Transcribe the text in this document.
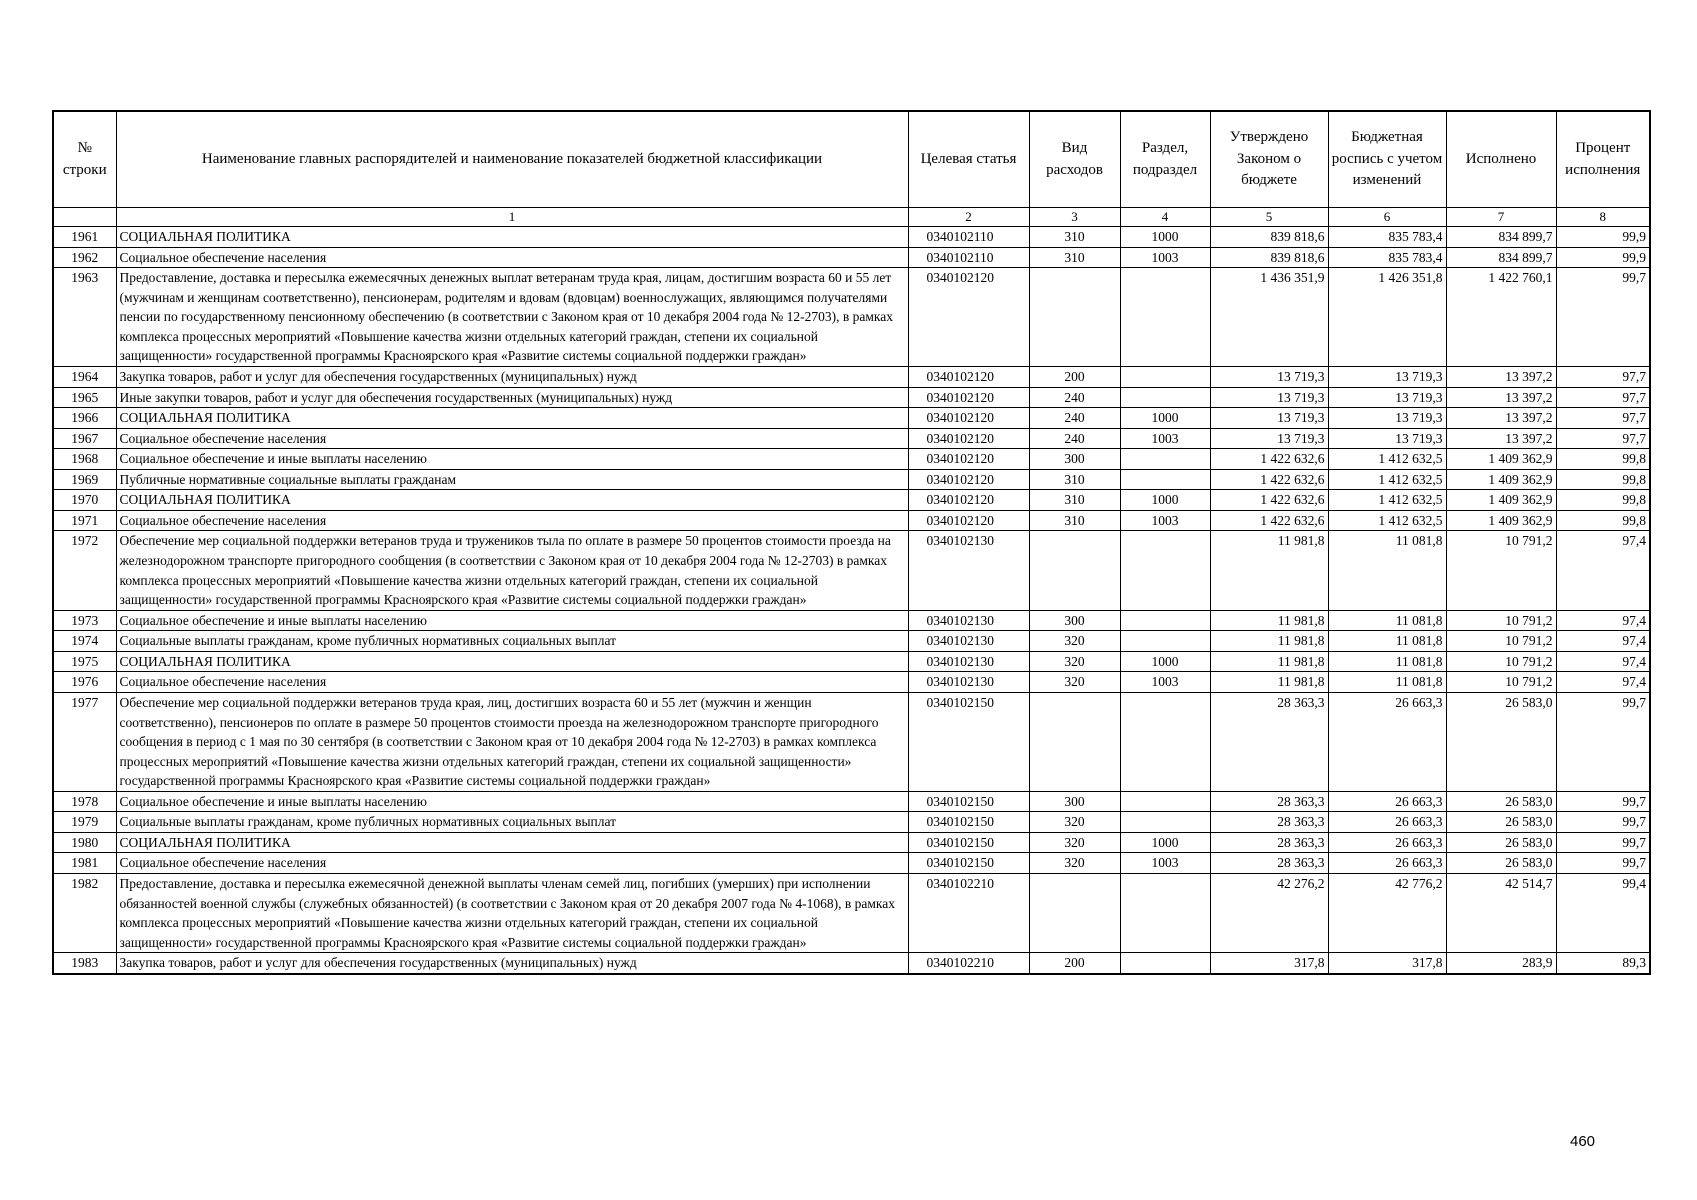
№ строки	Наименование главных распорядителей и наименование показателей бюджетной классификации	Целевая статья	Вид расходов	Раздел, подраздел	Утверждено Законом о бюджете	Бюджетная роспись с учетом изменений	Исполнено	Процент исполнения
	1	2	3	4	5	6	7	8
1961	СОЦИАЛЬНАЯ ПОЛИТИКА	0340102110	310	1000	839 818,6	835 783,4	834 899,7	99,9
1962	Социальное обеспечение населения	0340102110	310	1003	839 818,6	835 783,4	834 899,7	99,9
1963	Предоставление, доставка и пересылка ежемесячных денежных выплат ветеранам труда края, лицам, достигшим возраста 60 и 55 лет (мужчинам и женщинам соответственно), пенсионерам, родителям и вдовам (вдовцам) военнослужащих, являющимся получателями пенсии по государственному пенсионному обеспечению (в соответствии с Законом края от 10 декабря 2004 года № 12-2703), в рамках комплекса процессных мероприятий «Повышение качества жизни отдельных категорий граждан, степени их социальной защищенности» государственной программы Красноярского края «Развитие системы социальной поддержки граждан»	0340102120			1 436 351,9	1 426 351,8	1 422 760,1	99,7
1964	Закупка товаров, работ и услуг для обеспечения государственных (муниципальных) нужд	0340102120	200		13 719,3	13 719,3	13 397,2	97,7
1965	Иные закупки товаров, работ и услуг для обеспечения государственных (муниципальных) нужд	0340102120	240		13 719,3	13 719,3	13 397,2	97,7
1966	СОЦИАЛЬНАЯ ПОЛИТИКА	0340102120	240	1000	13 719,3	13 719,3	13 397,2	97,7
1967	Социальное обеспечение населения	0340102120	240	1003	13 719,3	13 719,3	13 397,2	97,7
1968	Социальное обеспечение и иные выплаты населению	0340102120	300		1 422 632,6	1 412 632,5	1 409 362,9	99,8
1969	Публичные нормативные социальные выплаты гражданам	0340102120	310		1 422 632,6	1 412 632,5	1 409 362,9	99,8
1970	СОЦИАЛЬНАЯ ПОЛИТИКА	0340102120	310	1000	1 422 632,6	1 412 632,5	1 409 362,9	99,8
1971	Социальное обеспечение населения	0340102120	310	1003	1 422 632,6	1 412 632,5	1 409 362,9	99,8
1972	Обеспечение мер социальной поддержки ветеранов труда и тружеников тыла по оплате в размере 50 процентов стоимости проезда на железнодорожном транспорте пригородного сообщения (в соответствии с Законом края от 10 декабря 2004 года № 12-2703) в рамках комплекса процессных мероприятий «Повышение качества жизни отдельных категорий граждан, степени их социальной защищенности» государственной программы Красноярского края «Развитие системы социальной поддержки граждан»	0340102130			11 981,8	11 081,8	10 791,2	97,4
1973	Социальное обеспечение и иные выплаты населению	0340102130	300		11 981,8	11 081,8	10 791,2	97,4
1974	Социальные выплаты гражданам, кроме публичных нормативных социальных выплат	0340102130	320		11 981,8	11 081,8	10 791,2	97,4
1975	СОЦИАЛЬНАЯ ПОЛИТИКА	0340102130	320	1000	11 981,8	11 081,8	10 791,2	97,4
1976	Социальное обеспечение населения	0340102130	320	1003	11 981,8	11 081,8	10 791,2	97,4
1977	Обеспечение мер социальной поддержки ветеранов труда края, лиц, достигших возраста 60 и 55 лет (мужчин и женщин соответственно), пенсионеров по оплате в размере 50 процентов стоимости проезда на железнодорожном транспорте пригородного сообщения в период с 1 мая по 30 сентября (в соответствии с Законом края от 10 декабря 2004 года № 12-2703) в рамках комплекса процессных мероприятий «Повышение качества жизни отдельных категорий граждан, степени их социальной защищенности» государственной программы Красноярского края «Развитие системы социальной поддержки граждан»	0340102150			28 363,3	26 663,3	26 583,0	99,7
1978	Социальное обеспечение и иные выплаты населению	0340102150	300		28 363,3	26 663,3	26 583,0	99,7
1979	Социальные выплаты гражданам, кроме публичных нормативных социальных выплат	0340102150	320		28 363,3	26 663,3	26 583,0	99,7
1980	СОЦИАЛЬНАЯ ПОЛИТИКА	0340102150	320	1000	28 363,3	26 663,3	26 583,0	99,7
1981	Социальное обеспечение населения	0340102150	320	1003	28 363,3	26 663,3	26 583,0	99,7
1982	Предоставление, доставка и пересылка ежемесячной денежной выплаты членам семей лиц, погибших (умерших) при исполнении обязанностей военной службы (служебных обязанностей) (в соответствии с Законом края от 20 декабря 2007 года № 4-1068), в рамках комплекса процессных мероприятий «Повышение качества жизни отдельных категорий граждан, степени их социальной защищенности» государственной программы Красноярского края «Развитие системы социальной поддержки граждан»	0340102210			42 276,2	42 776,2	42 514,7	99,4
1983	Закупка товаров, работ и услуг для обеспечения государственных (муниципальных) нужд	0340102210	200		317,8	317,8	283,9	89,3
460
